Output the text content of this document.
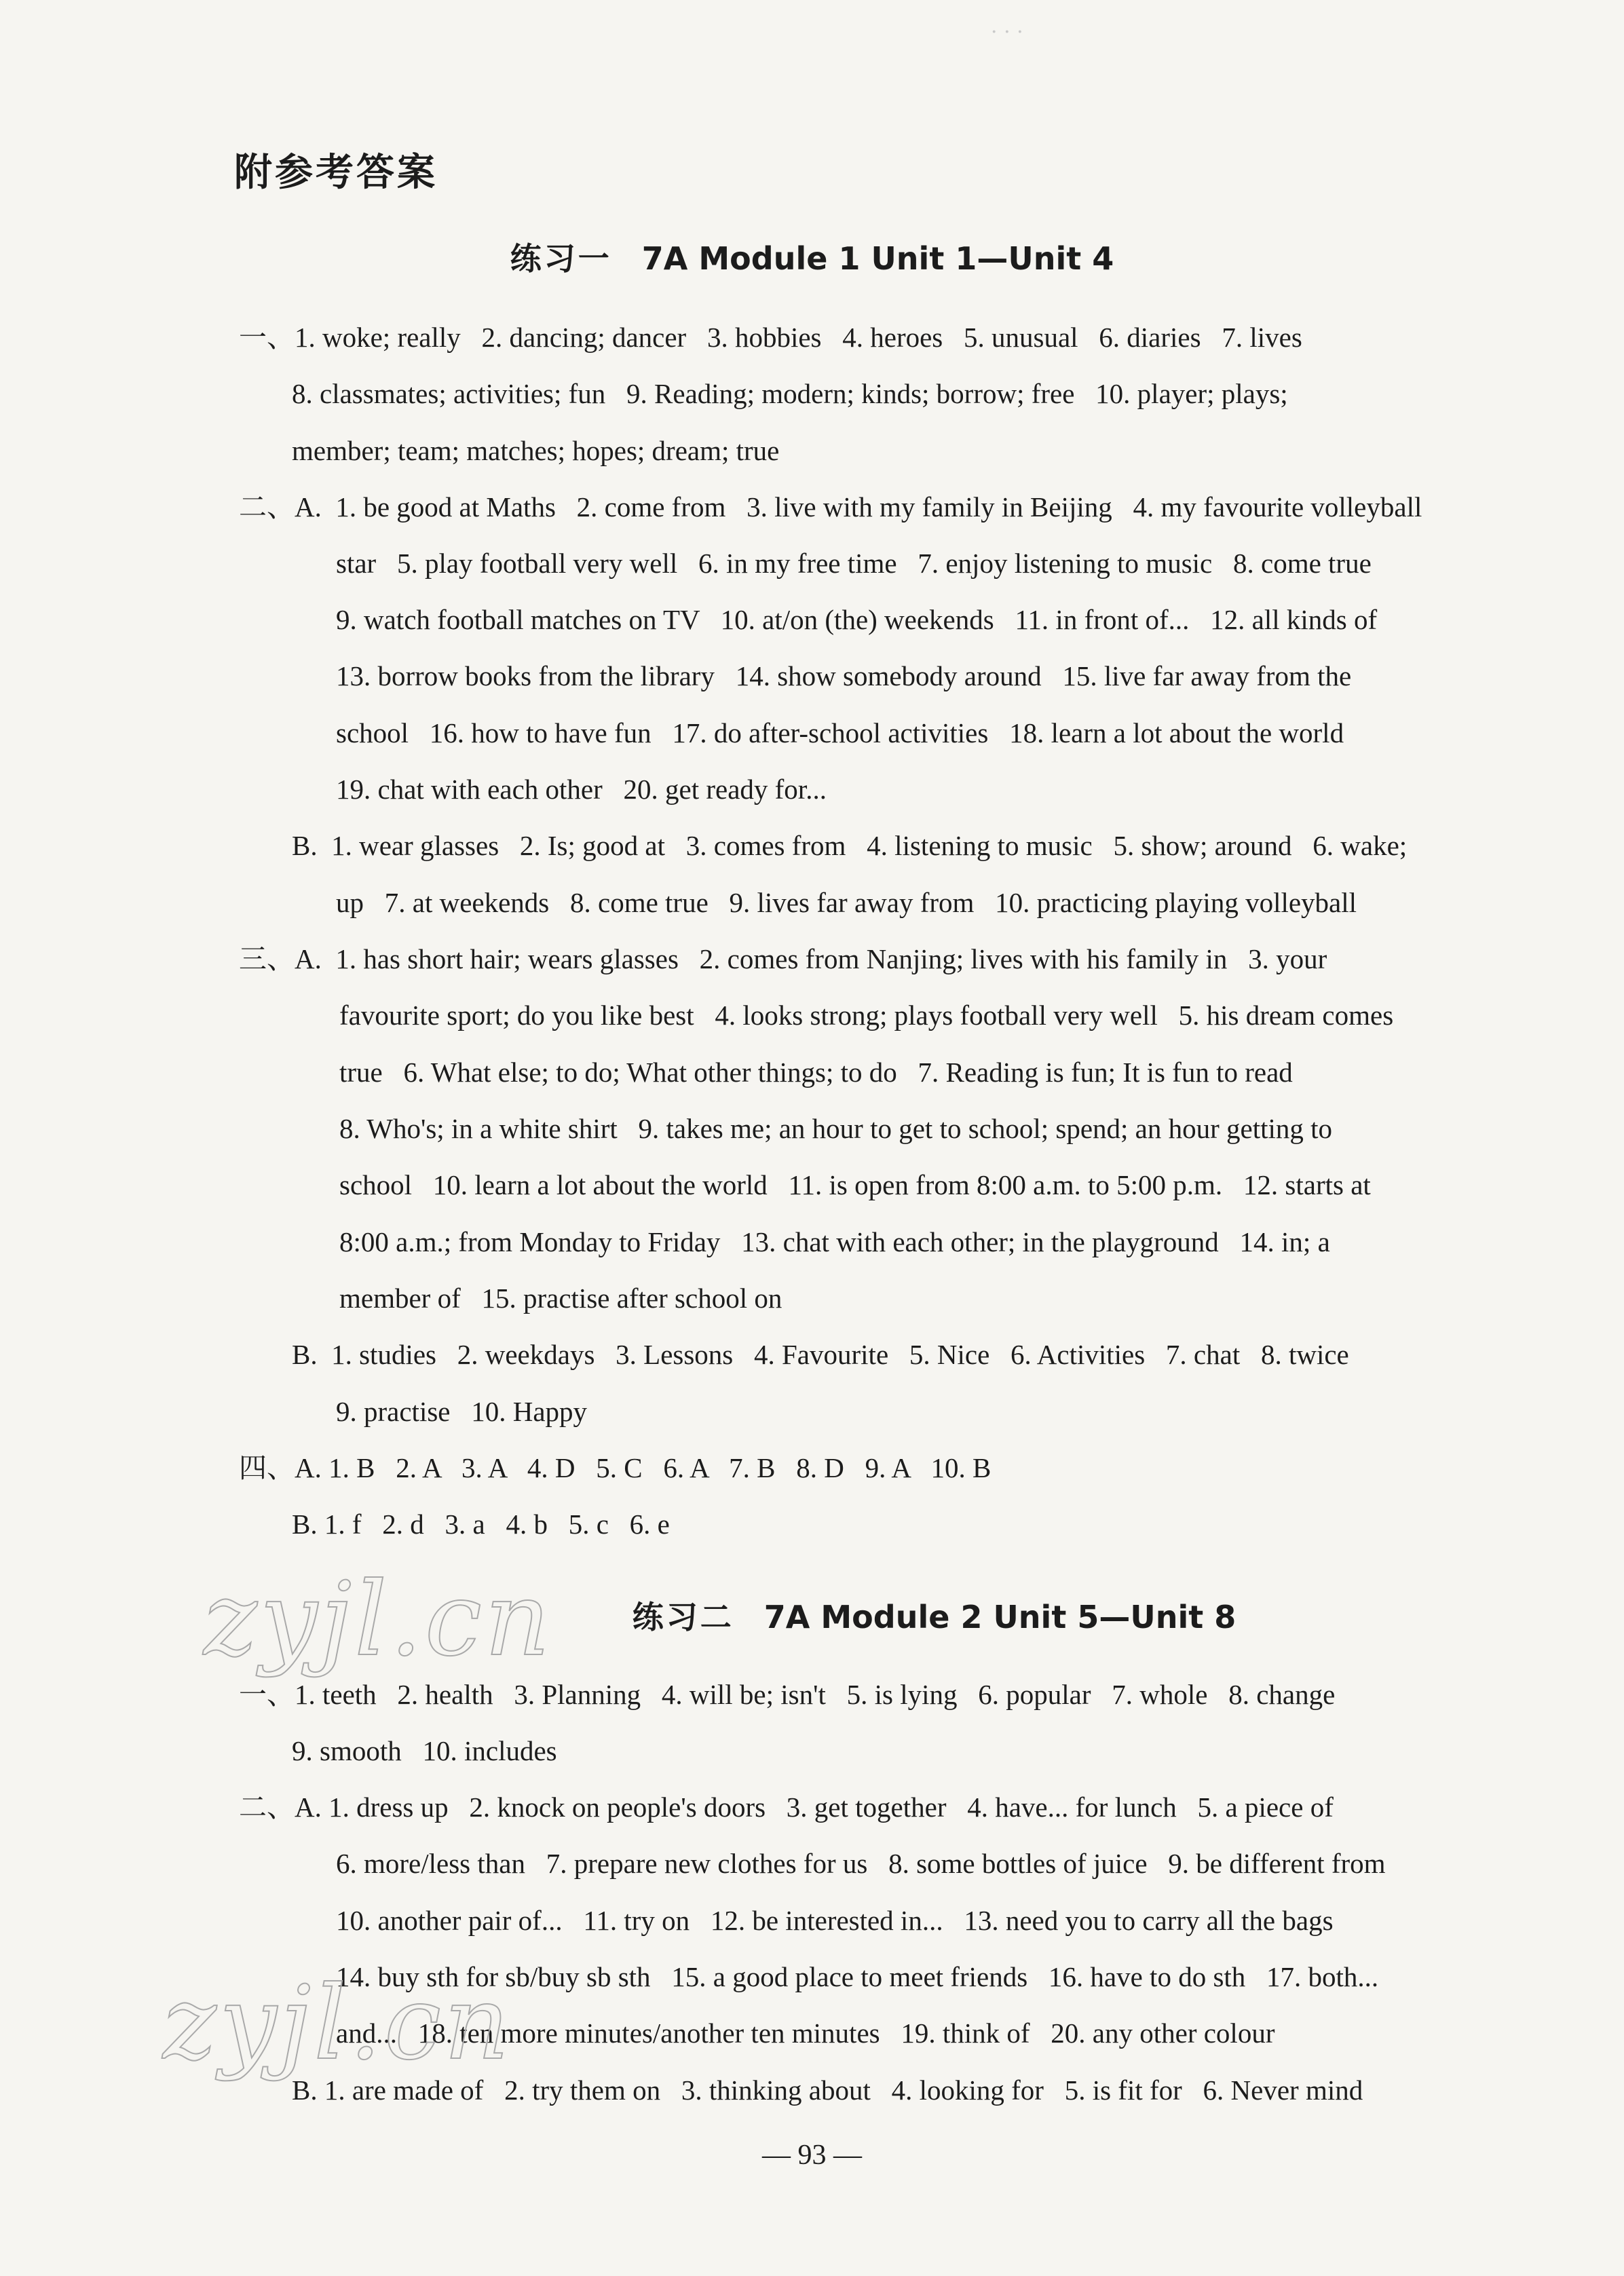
· · ·
附参考答案
练习一 7A Module 1 Unit 1—Unit 4
一、1. woke; really   2. dancing; dancer   3. hobbies   4. heroes   5. unusual   6. diaries   7. lives
8. classmates; activities; fun   9. Reading; modern; kinds; borrow; free   10. player; plays;
member; team; matches; hopes; dream; true
二、A.  1. be good at Maths   2. come from   3. live with my family in Beijing   4. my favourite volleyball
star   5. play football very well   6. in my free time   7. enjoy listening to music   8. come true
9. watch football matches on TV   10. at/on (the) weekends   11. in front of...   12. all kinds of
13. borrow books from the library   14. show somebody around   15. live far away from the
school   16. how to have fun   17. do after-school activities   18. learn a lot about the world
19. chat with each other   20. get ready for...
B.  1. wear glasses   2. Is; good at   3. comes from   4. listening to music   5. show; around   6. wake;
up   7. at weekends   8. come true   9. lives far away from   10. practicing playing volleyball
三、A.  1. has short hair; wears glasses   2. comes from Nanjing; lives with his family in   3. your
favourite sport; do you like best   4. looks strong; plays football very well   5. his dream comes
true   6. What else; to do; What other things; to do   7. Reading is fun; It is fun to read
8. Who's; in a white shirt   9. takes me; an hour to get to school; spend; an hour getting to
school   10. learn a lot about the world   11. is open from 8:00 a.m. to 5:00 p.m.   12. starts at
8:00 a.m.; from Monday to Friday   13. chat with each other; in the playground   14. in; a
member of   15. practise after school on
B.  1. studies   2. weekdays   3. Lessons   4. Favourite   5. Nice   6. Activities   7. chat   8. twice
9. practise   10. Happy
四、A. 1. B   2. A   3. A   4. D   5. C   6. A   7. B   8. D   9. A   10. B
B. 1. f   2. d   3. a   4. b   5. c   6. e
zyjl.cn	练习二 7A Module 2 Unit 5—Unit 8
一、1. teeth   2. health   3. Planning   4. will be; isn't   5. is lying   6. popular   7. whole   8. change
9. smooth   10. includes
二、A. 1. dress up   2. knock on people's doors   3. get together   4. have... for lunch   5. a piece of
6. more/less than   7. prepare new clothes for us   8. some bottles of juice   9. be different from
10. another pair of...   11. try on   12. be interested in...   13. need you to carry all the bags
14. buy sth for sb/buy sb sth   15. a good place to meet friends   16. have to do sth   17. both...
and...   18. ten more minutes/another ten minutes   19. think of   20. any other colour
B. 1. are made of   2. try them on   3. thinking about   4. looking for   5. is fit for   6. Never mind
zyjl.cn
— 93 —
